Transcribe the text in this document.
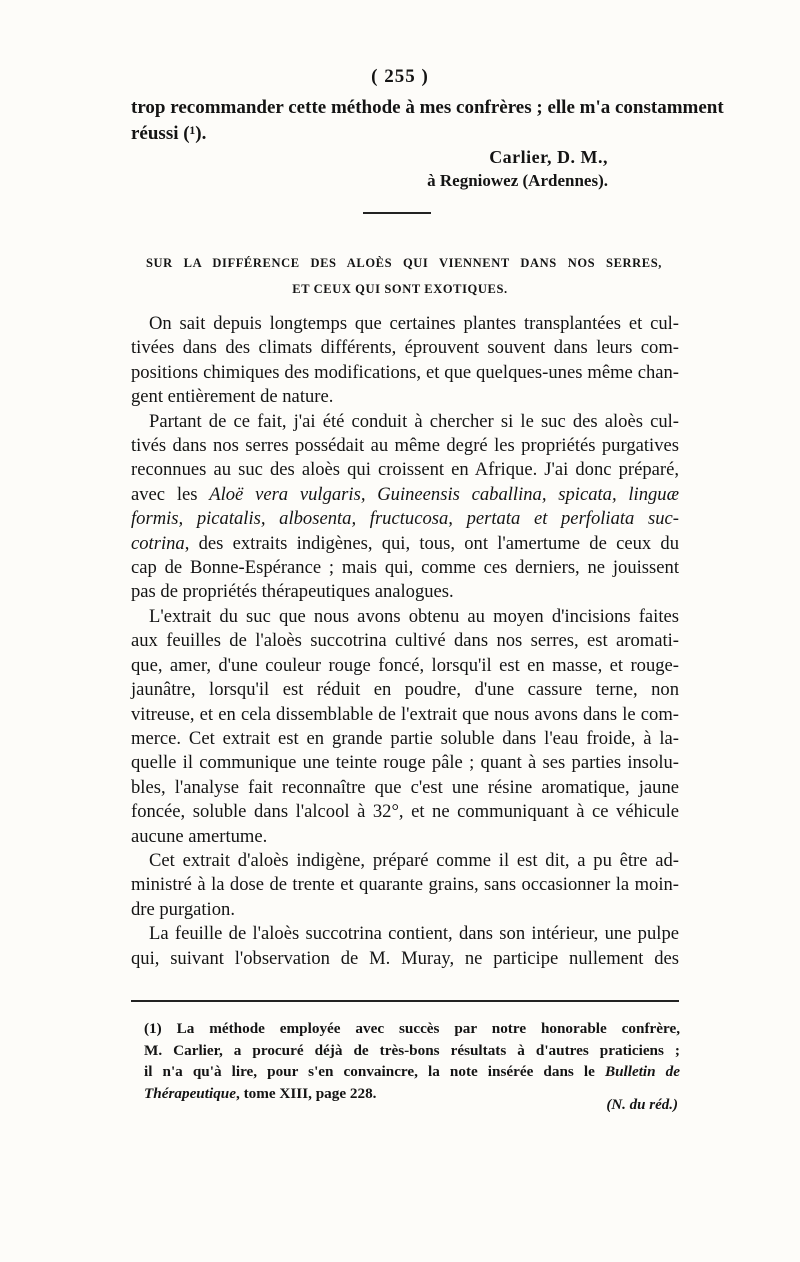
( 255 )

trop recommander cette méthode à mes confrères ; elle m'a constamment

réussi (¹).

Carlier, D. M.,
à Regniowez (Ardennes).
SUR LA DIFFÉRENCE DES ALOÈS QUI VIENNENT DANS NOS SERRES,
ET CEUX QUI SONT EXOTIQUES.

On sait depuis longtemps que certaines plantes transplantées et cul-

tivées dans des climats différents, éprouvent souvent dans leurs com-

positions chimiques des modifications, et que quelques-unes même chan-

gent entièrement de nature.

Partant de ce fait, j'ai été conduit à chercher si le suc des aloès cul-

tivés dans nos serres possédait au même degré les propriétés purgatives

reconnues au suc des aloès qui croissent en Afrique. J'ai donc préparé,

avec les Aloë vera vulgaris, Guineensis caballina, spicata, linguæ

formis, picatalis, albosenta, fructucosa, pertata et perfoliata suc-

cotrina, des extraits indigènes, qui, tous, ont l'amertume de ceux du

cap de Bonne-Espérance ; mais qui, comme ces derniers, ne jouissent

pas de propriétés thérapeutiques analogues.

L'extrait du suc que nous avons obtenu au moyen d'incisions faites

aux feuilles de l'aloès succotrina cultivé dans nos serres, est aromati-

que, amer, d'une couleur rouge foncé, lorsqu'il est en masse, et rouge-

jaunâtre, lorsqu'il est réduit en poudre, d'une cassure terne, non

vitreuse, et en cela dissemblable de l'extrait que nous avons dans le com-

merce. Cet extrait est en grande partie soluble dans l'eau froide, à la-

quelle il communique une teinte rouge pâle ; quant à ses parties insolu-

bles, l'analyse fait reconnaître que c'est une résine aromatique, jaune

foncée, soluble dans l'alcool à 32°, et ne communiquant à ce véhicule

aucune amertume.

Cet extrait d'aloès indigène, préparé comme il est dit, a pu être ad-

ministré à la dose de trente et quarante grains, sans occasionner la moin-

dre purgation.

La feuille de l'aloès succotrina contient, dans son intérieur, une pulpe

qui, suivant l'observation de M. Muray, ne participe nullement des

(1) La méthode employée avec succès par notre honorable confrère,

M. Carlier, a procuré déjà de très-bons résultats à d'autres praticiens ;

il n'a qu'à lire, pour s'en convaincre, la note insérée dans le Bulletin de

Thérapeutique, tome XIII, page 228.

(N. du réd.)
